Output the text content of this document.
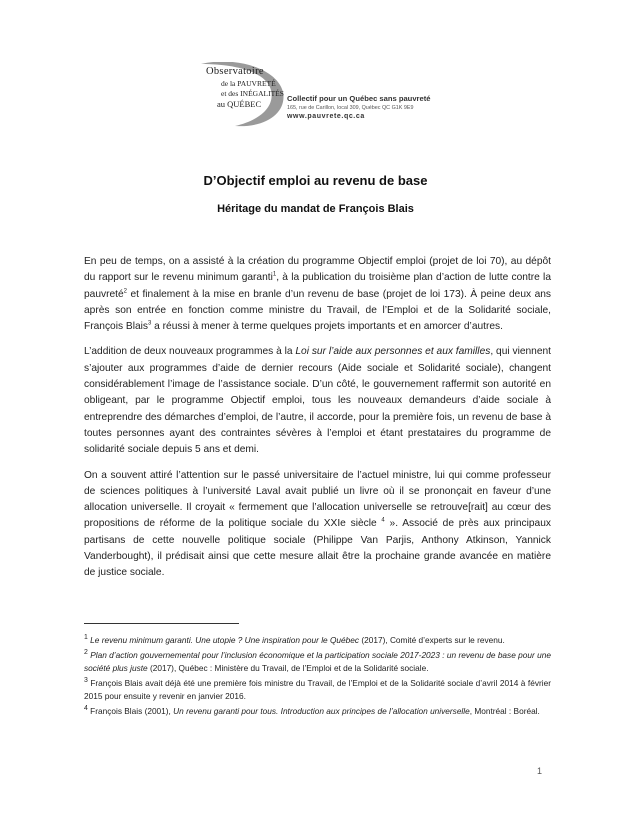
Observatoire
de la PAUVRETÉ
et des INÉGALITÉS
au QUÉBEC
Collectif pour un Québec sans pauvreté
165, rue de Carillon, local 309, Québec QC G1K 9E9
www.pauvrete.qc.ca
D’Objectif emploi au revenu de base
Héritage du mandat de François Blais

En peu de temps, on a assisté à la création du programme Objectif emploi (projet de loi 70), au dépôt du rapport sur le revenu minimum garanti$^1$, à la publication du troisième plan d’action de lutte contre la pauvreté$^2$ et finalement à la mise en branle d’un revenu de base (projet de loi 173). À peine deux ans après son entrée en fonction comme ministre du Travail, de l’Emploi et de la Solidarité sociale, François Blais$^3$ a réussi à mener à terme quelques projets importants et en amorcer d’autres.

L’addition de deux nouveaux programmes à la Loi sur l’aide aux personnes et aux familles, qui viennent s’ajouter aux programmes d’aide de dernier recours (Aide sociale et Solidarité sociale), changent considérablement l’image de l’assistance sociale. D’un côté, le gouvernement raffermit son autorité en obligeant, par le programme Objectif emploi, tous les nouveaux demandeurs d’aide sociale à entreprendre des démarches d’emploi, de l’autre, il accorde, pour la première fois, un revenu de base à toutes personnes ayant des contraintes sévères à l’emploi et étant prestataires du programme de solidarité sociale depuis 5 ans et demi.

On a souvent attiré l’attention sur le passé universitaire de l’actuel ministre, lui qui comme professeur de sciences politiques à l’université Laval avait publié un livre où il se prononçait en faveur d’une allocation universelle. Il croyait « fermement que l’allocation universelle se retrouve[rait] au cœur des propositions de réforme de la politique sociale du XXIe siècle $^4$ ». Associé de près aux principaux partisans de cette nouvelle politique sociale (Philippe Van Parjis, Anthony Atkinson, Yannick Vanderbought), il prédisait ainsi que cette mesure allait être la prochaine grande avancée en matière de justice sociale.

$^1$ Le revenu minimum garanti. Une utopie ? Une inspiration pour le Québec (2017), Comité d’experts sur le revenu.
$^2$ Plan d’action gouvernemental pour l’inclusion économique et la participation sociale 2017-2023 : un revenu de base pour une société plus juste (2017), Québec : Ministère du Travail, de l’Emploi et de la Solidarité sociale.
$^3$ François Blais avait déjà été une première fois ministre du Travail, de l’Emploi et de la Solidarité sociale d’avril 2014 à février 2015 pour ensuite y revenir en janvier 2016.
$^4$ François Blais (2001), Un revenu garanti pour tous. Introduction aux principes de l’allocation universelle, Montréal : Boréal.
1
